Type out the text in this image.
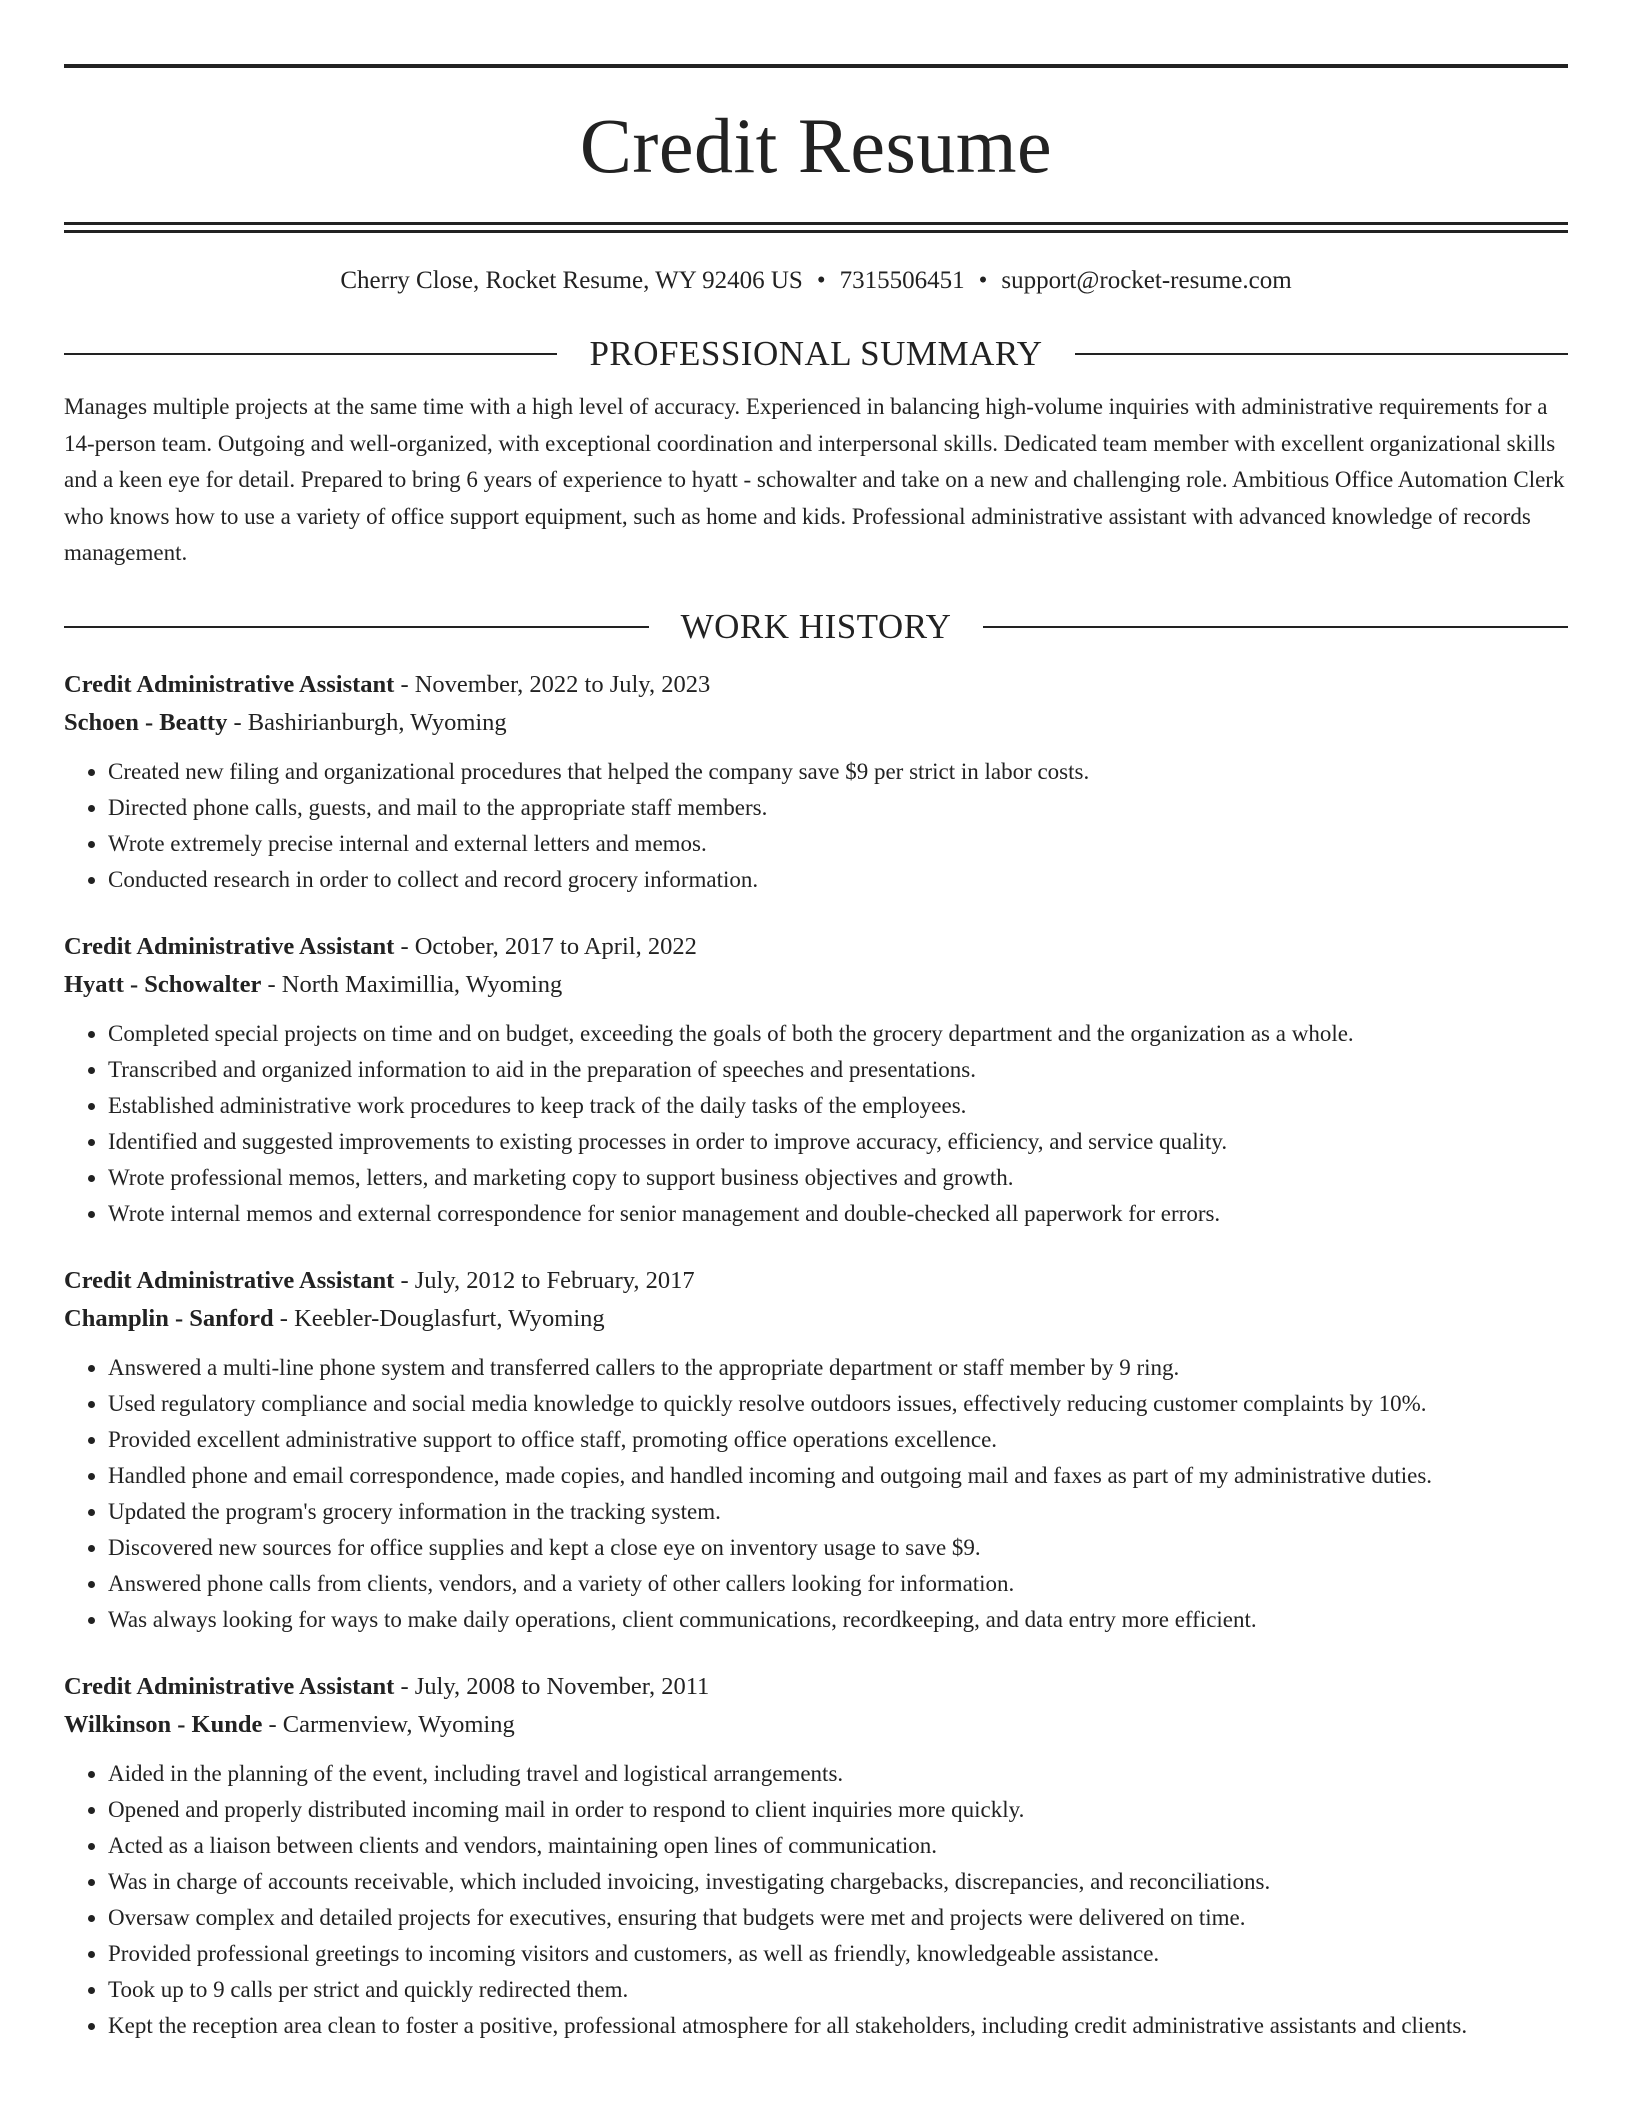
Credit Resume
Cherry Close, Rocket Resume, WY 92406 US • 7315506451 • support@rocket-resume.com
PROFESSIONAL SUMMARY

Manages multiple projects at the same time with a high level of accuracy. Experienced in balancing high-volume inquiries with administrative requirements for a 14-person team. Outgoing and well-organized, with exceptional coordination and interpersonal skills. Dedicated team member with excellent organizational skills and a keen eye for detail. Prepared to bring 6 years of experience to hyatt - schowalter and take on a new and challenging role. Ambitious Office Automation Clerk who knows how to use a variety of office support equipment, such as home and kids. Professional administrative assistant with advanced knowledge of records management.

WORK HISTORY
Credit Administrative Assistant - November, 2022 to July, 2023
Schoen - Beatty - Bashirianburgh, Wyoming
• Created new filing and organizational procedures that helped the company save $9 per strict in labor costs.
• Directed phone calls, guests, and mail to the appropriate staff members.
• Wrote extremely precise internal and external letters and memos.
• Conducted research in order to collect and record grocery information.
Credit Administrative Assistant - October, 2017 to April, 2022
Hyatt - Schowalter - North Maximillia, Wyoming
• Completed special projects on time and on budget, exceeding the goals of both the grocery department and the organization as a whole.
• Transcribed and organized information to aid in the preparation of speeches and presentations.
• Established administrative work procedures to keep track of the daily tasks of the employees.
• Identified and suggested improvements to existing processes in order to improve accuracy, efficiency, and service quality.
• Wrote professional memos, letters, and marketing copy to support business objectives and growth.
• Wrote internal memos and external correspondence for senior management and double-checked all paperwork for errors.
Credit Administrative Assistant - July, 2012 to February, 2017
Champlin - Sanford - Keebler-Douglasfurt, Wyoming
• Answered a multi-line phone system and transferred callers to the appropriate department or staff member by 9 ring.
• Used regulatory compliance and social media knowledge to quickly resolve outdoors issues, effectively reducing customer complaints by 10%.
• Provided excellent administrative support to office staff, promoting office operations excellence.
• Handled phone and email correspondence, made copies, and handled incoming and outgoing mail and faxes as part of my administrative duties.
• Updated the program's grocery information in the tracking system.
• Discovered new sources for office supplies and kept a close eye on inventory usage to save $9.
• Answered phone calls from clients, vendors, and a variety of other callers looking for information.
• Was always looking for ways to make daily operations, client communications, recordkeeping, and data entry more efficient.
Credit Administrative Assistant - July, 2008 to November, 2011
Wilkinson - Kunde - Carmenview, Wyoming
• Aided in the planning of the event, including travel and logistical arrangements.
• Opened and properly distributed incoming mail in order to respond to client inquiries more quickly.
• Acted as a liaison between clients and vendors, maintaining open lines of communication.
• Was in charge of accounts receivable, which included invoicing, investigating chargebacks, discrepancies, and reconciliations.
• Oversaw complex and detailed projects for executives, ensuring that budgets were met and projects were delivered on time.
• Provided professional greetings to incoming visitors and customers, as well as friendly, knowledgeable assistance.
• Took up to 9 calls per strict and quickly redirected them.
• Kept the reception area clean to foster a positive, professional atmosphere for all stakeholders, including credit administrative assistants and clients.
